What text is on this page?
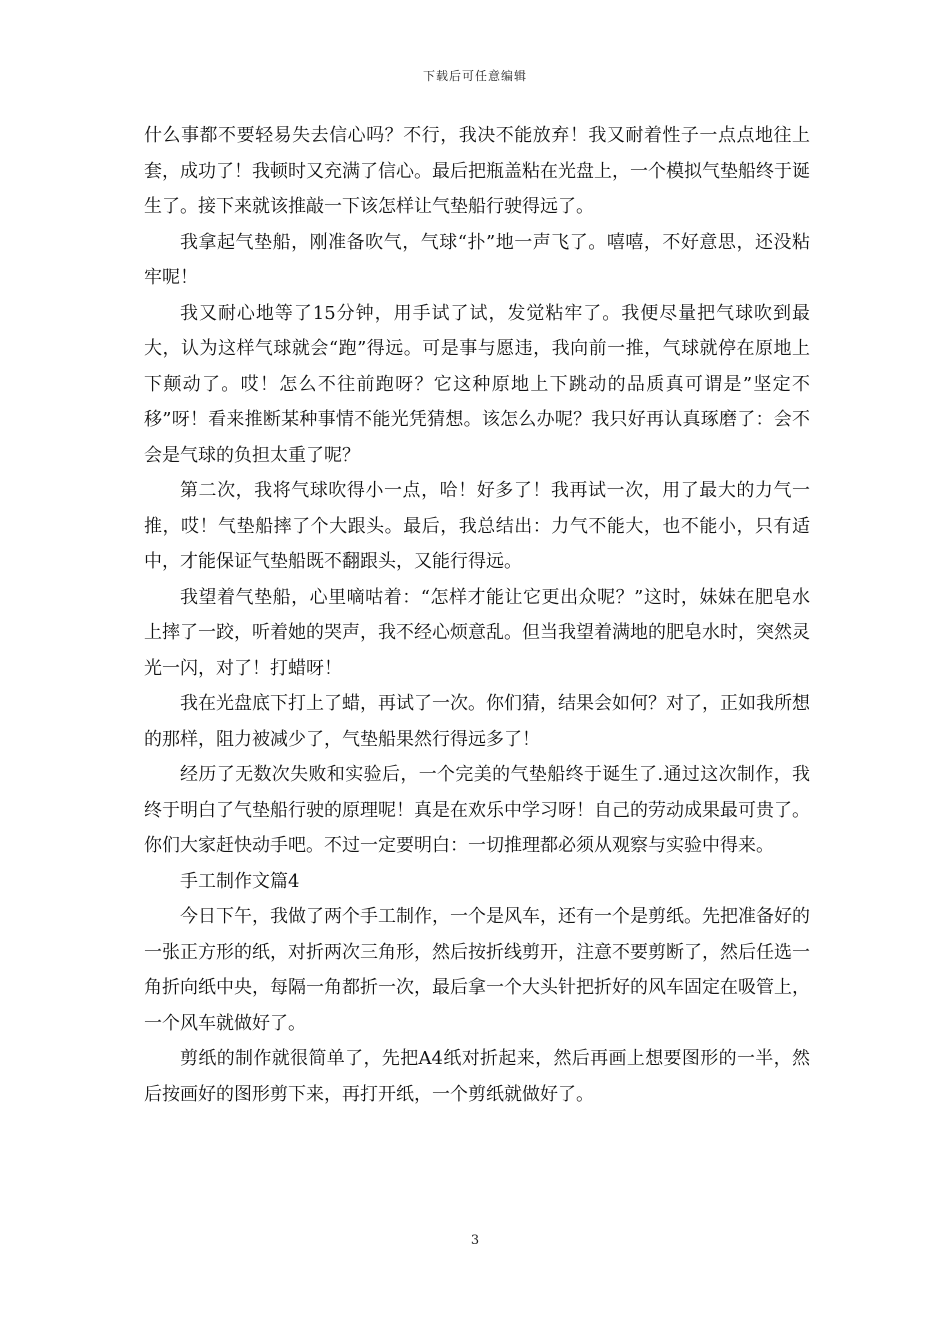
下载后可任意编辑

什么事都不要轻易失去信心吗？不行，我决不能放弃！我又耐着性子一点点地往上套，成功了！我顿时又充满了信心。最后把瓶盖粘在光盘上，一个模拟气垫船终于诞生了。接下来就该推敲一下该怎样让气垫船行驶得远了。

我拿起气垫船，刚准备吹气，气球“扑”地一声飞了。嘻嘻，不好意思，还没粘牢呢！

我又耐心地等了15分钟，用手试了试，发觉粘牢了。我便尽量把气球吹到最大，认为这样气球就会“跑”得远。可是事与愿违，我向前一推，气球就停在原地上下颠动了。哎！怎么不往前跑呀？它这种原地上下跳动的品质真可谓是”坚定不移”呀！看来推断某种事情不能光凭猜想。该怎么办呢？我只好再认真琢磨了：会不会是气球的负担太重了呢？

第二次，我将气球吹得小一点，哈！好多了！我再试一次，用了最大的力气一推，哎！气垫船摔了个大跟头。最后，我总结出：力气不能大，也不能小，只有适中，才能保证气垫船既不翻跟头，又能行得远。

我望着气垫船，心里嘀咕着：“怎样才能让它更出众呢？”这时，妹妹在肥皂水上摔了一跤，听着她的哭声，我不经心烦意乱。但当我望着满地的肥皂水时，突然灵光一闪，对了！打蜡呀！

我在光盘底下打上了蜡，再试了一次。你们猜，结果会如何？对了，正如我所想的那样，阻力被减少了，气垫船果然行得远多了！

经历了无数次失败和实验后，一个完美的气垫船终于诞生了.通过这次制作，我终于明白了气垫船行驶的原理呢！真是在欢乐中学习呀！自己的劳动成果最可贵了。你们大家赶快动手吧。不过一定要明白：一切推理都必须从观察与实验中得来。

手工制作文篇4

今日下午，我做了两个手工制作，一个是风车，还有一个是剪纸。先把准备好的一张正方形的纸，对折两次三角形，然后按折线剪开，注意不要剪断了，然后任选一角折向纸中央，每隔一角都折一次，最后拿一个大头针把折好的风车固定在吸管上，一个风车就做好了。

剪纸的制作就很简单了，先把A4纸对折起来，然后再画上想要图形的一半，然后按画好的图形剪下来，再打开纸，一个剪纸就做好了。

3
